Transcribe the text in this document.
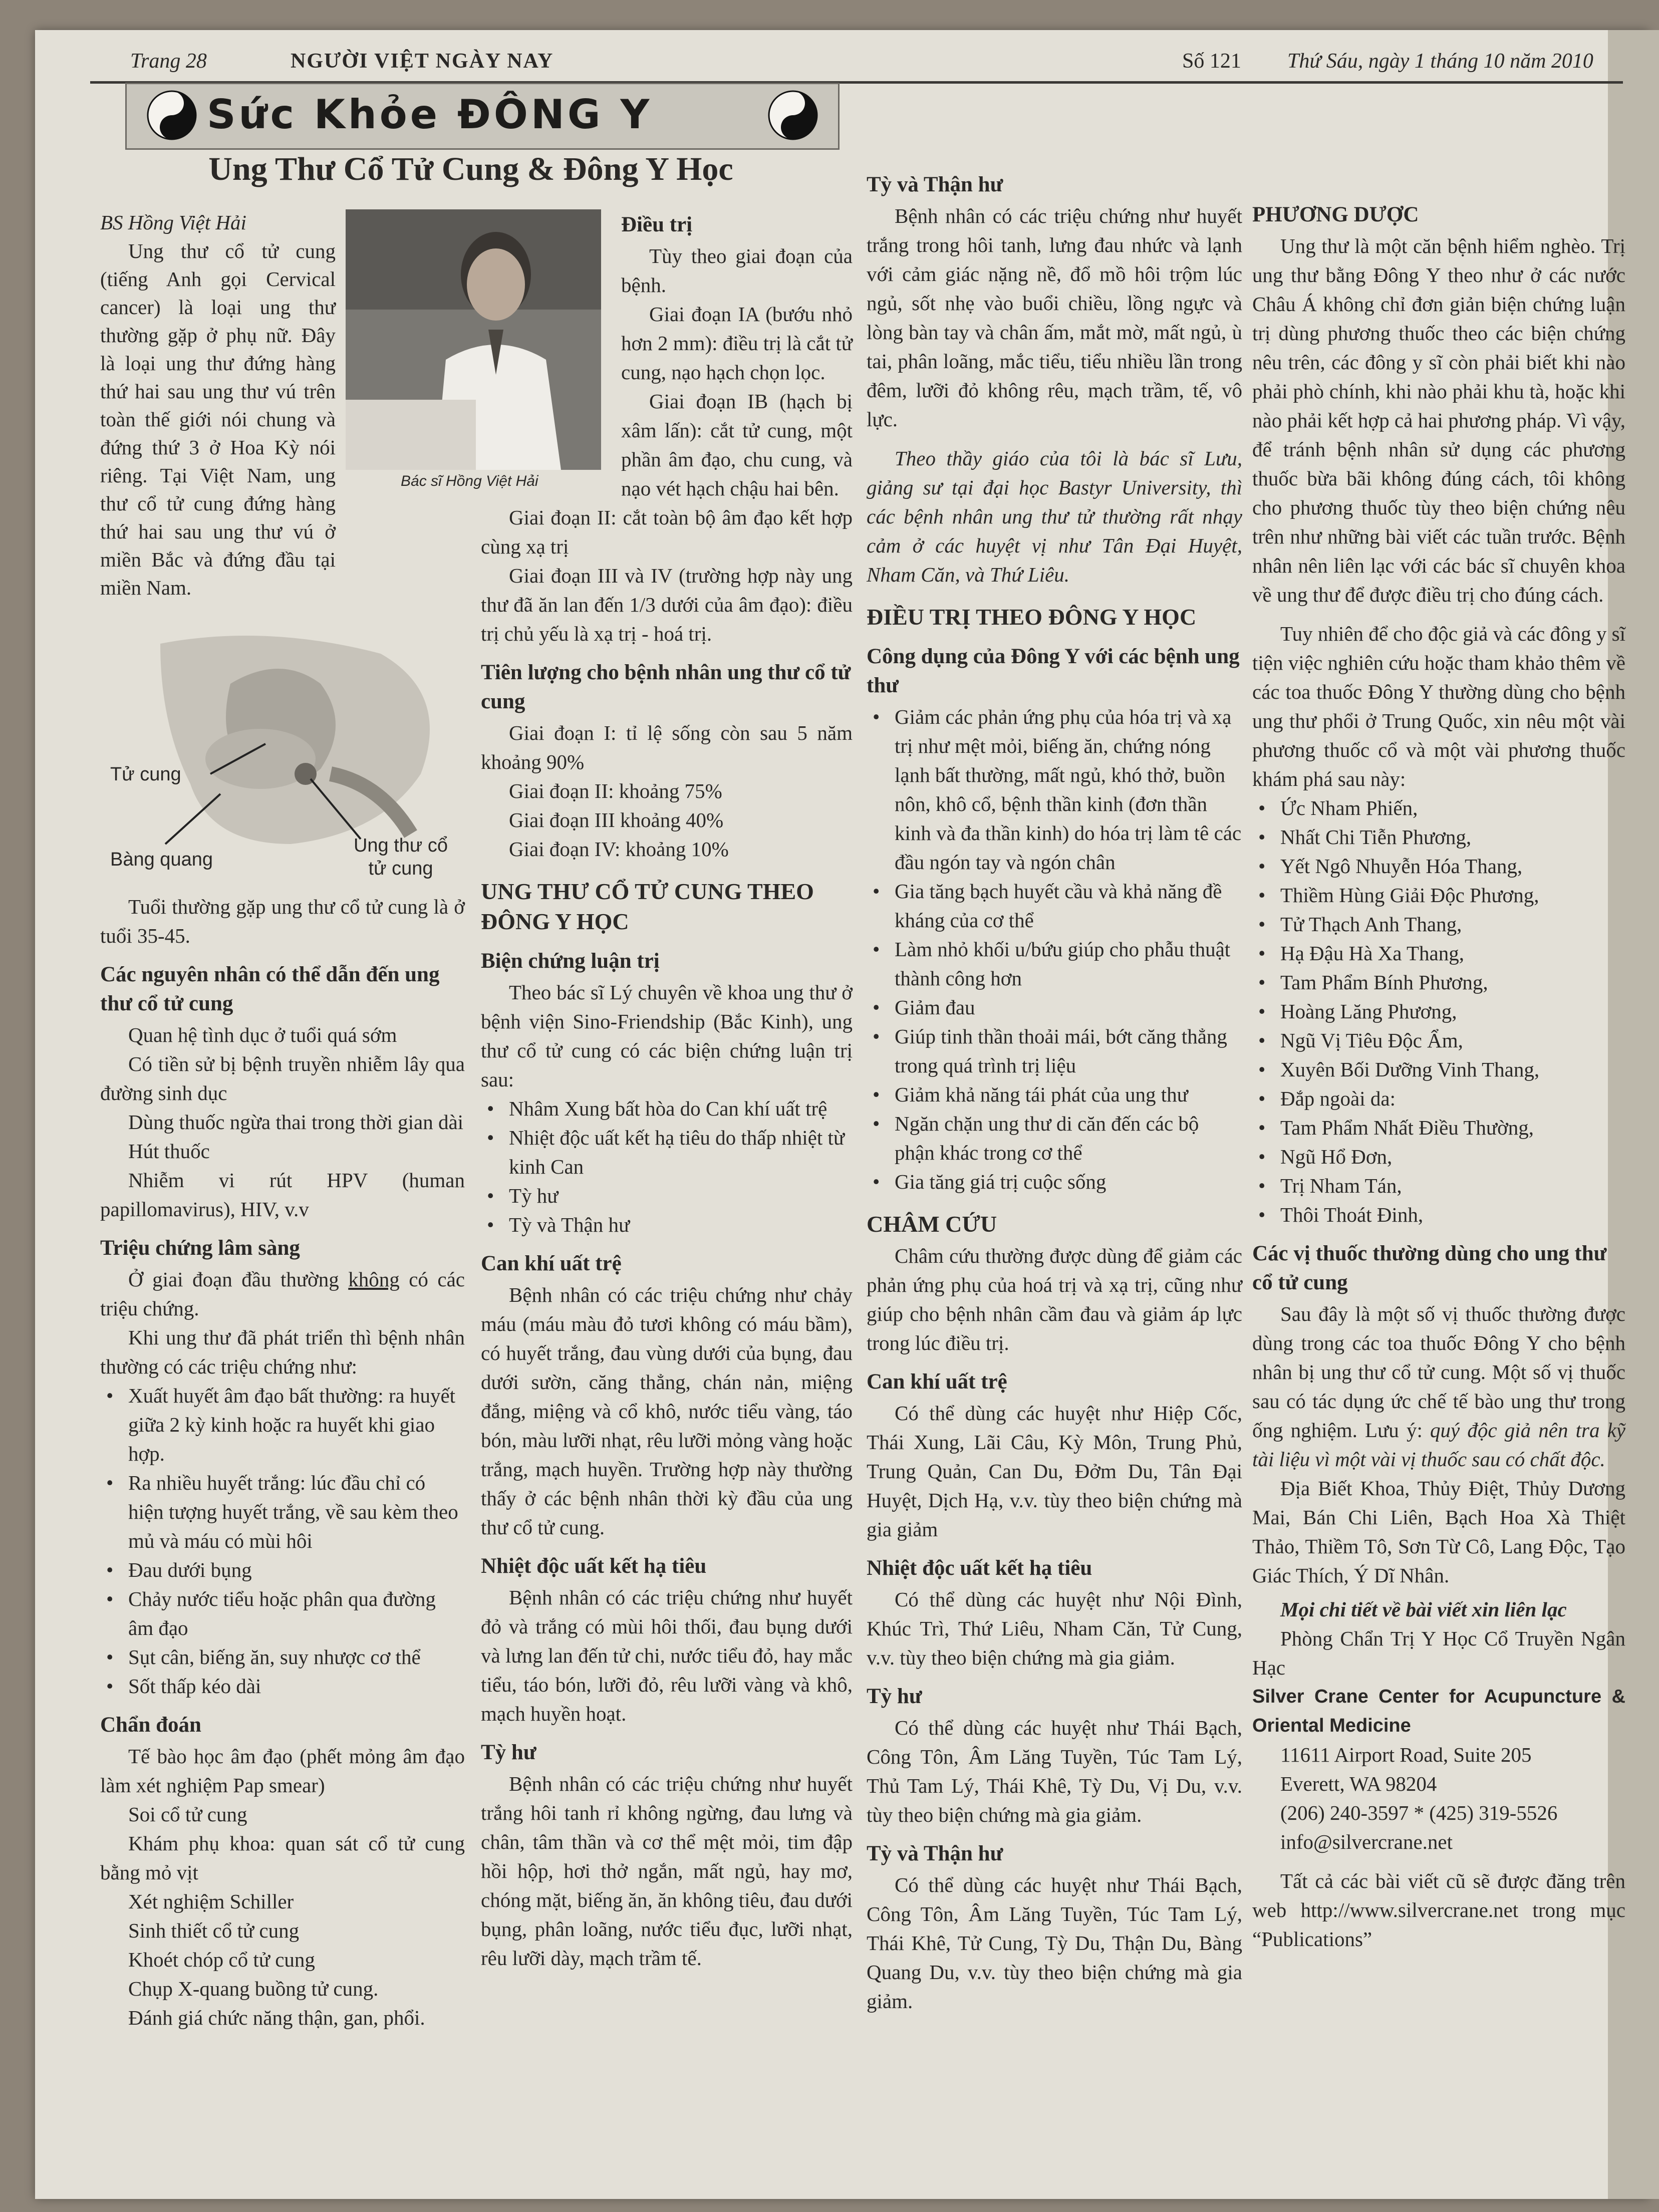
Trang 28	NGƯỜI VIỆT NGÀY NAY	Số 121 Thứ Sáu, ngày 1 tháng 10 năm 2010
Sức Khỏe ĐÔNG Y
Ung Thư Cổ Tử Cung & Đông Y Học
Bác sĩ Hồng Việt Hải
Tử cung
Bàng quang
Ung thư cổ tử cung

BS Hồng Việt Hải

Ung thư cổ tử cung (tiếng Anh gọi Cervical cancer) là loại ung thư thường gặp ở phụ nữ. Đây là loại ung thư đứng hàng thứ hai sau ung thư vú trên toàn thế giới nói chung và đứng thứ 3 ở Hoa Kỳ nói riêng. Tại Việt Nam, ung thư cổ tử cung đứng hàng thứ hai sau ung thư vú ở miền Bắc và đứng đầu tại miền Nam.

Tuổi thường gặp ung thư cổ tử cung là ở tuổi 35-45.

Các nguyên nhân có thể dẫn đến ung thư cổ tử cung

Quan hệ tình dục ở tuổi quá sớm

Có tiền sử bị bệnh truyền nhiễm lây qua đường sinh dục

Dùng thuốc ngừa thai trong thời gian dài

Hút thuốc

Nhiễm vi rút HPV (human papillomavirus), HIV, v.v

Triệu chứng lâm sàng

Ở giai đoạn đầu thường không có các triệu chứng.

Khi ung thư đã phát triển thì bệnh nhân thường có các triệu chứng như:

• Xuất huyết âm đạo bất thường: ra huyết giữa 2 kỳ kinh hoặc ra huyết khi giao hợp.
• Ra nhiều huyết trắng: lúc đầu chỉ có hiện tượng huyết trắng, về sau kèm theo mủ và máu có mùi hôi
• Đau dưới bụng
• Chảy nước tiểu hoặc phân qua đường âm đạo
• Sụt cân, biếng ăn, suy nhược cơ thể
• Sốt thấp kéo dài
Chẩn đoán

Tế bào học âm đạo (phết mỏng âm đạo làm xét nghiệm Pap smear)

Soi cổ tử cung

Khám phụ khoa: quan sát cổ tử cung bằng mỏ vịt

Xét nghiệm Schiller

Sinh thiết cổ tử cung

Khoét chóp cổ tử cung

Chụp X-quang buồng tử cung.

Đánh giá chức năng thận, gan, phổi.

Điều trị

Tùy theo giai đoạn của bệnh.

Giai đoạn IA (bướu nhỏ hơn 2 mm): điều trị là cắt tử cung, nạo hạch chọn lọc.

Giai đoạn IB (hạch bị xâm lấn): cắt tử cung, một phần âm đạo, chu cung, và nạo vét hạch chậu hai bên.

Giai đoạn II: cắt toàn bộ âm đạo kết hợp cùng xạ trị

Giai đoạn III và IV (trường hợp này ung thư đã ăn lan đến 1/3 dưới của âm đạo): điều trị chủ yếu là xạ trị - hoá trị.

Tiên lượng cho bệnh nhân ung thư cổ tử cung

Giai đoạn I: tỉ lệ sống còn sau 5 năm khoảng 90%

Giai đoạn II: khoảng 75%

Giai đoạn III khoảng 40%

Giai đoạn IV: khoảng 10%

UNG THƯ CỔ TỬ CUNG THEO ĐÔNG Y HỌC
Biện chứng luận trị

Theo bác sĩ Lý chuyên về khoa ung thư ở bệnh viện Sino-Friendship (Bắc Kinh), ung thư cổ tử cung có các biện chứng luận trị sau:

• Nhâm Xung bất hòa do Can khí uất trệ
• Nhiệt độc uất kết hạ tiêu do thấp nhiệt từ kinh Can
• Tỳ hư
• Tỳ và Thận hư
Can khí uất trệ

Bệnh nhân có các triệu chứng như chảy máu (máu màu đỏ tươi không có máu bầm), có huyết trắng, đau vùng dưới của bụng, đau dưới sườn, căng thẳng, chán nản, miệng đắng, miệng và cổ khô, nước tiểu vàng, táo bón, màu lưỡi nhạt, rêu lưỡi mỏng vàng hoặc trắng, mạch huyền. Trường hợp này thường thấy ở các bệnh nhân thời kỳ đầu của ung thư cổ tử cung.

Nhiệt độc uất kết hạ tiêu

Bệnh nhân có các triệu chứng như huyết đỏ và trắng có mùi hôi thối, đau bụng dưới và lưng lan đến tử chi, nước tiểu đỏ, hay mắc tiểu, táo bón, lưỡi đỏ, rêu lưỡi vàng và khô, mạch huyền hoạt.

Tỳ hư

Bệnh nhân có các triệu chứng như huyết trắng hôi tanh rỉ không ngừng, đau lưng và chân, tâm thần và cơ thể mệt mỏi, tim đập hồi hộp, hơi thở ngắn, mất ngủ, hay mơ, chóng mặt, biếng ăn, ăn không tiêu, đau dưới bụng, phân loãng, nước tiểu đục, lưỡi nhạt, rêu lưỡi dày, mạch trầm tế.

Tỳ và Thận hư

Bệnh nhân có các triệu chứng như huyết trắng trong hôi tanh, lưng đau nhức và lạnh với cảm giác nặng nề, đổ mồ hôi trộm lúc ngủ, sốt nhẹ vào buổi chiều, lồng ngực và lòng bàn tay và chân ấm, mắt mờ, mất ngủ, ù tai, phân loãng, mắc tiểu, tiểu nhiều lần trong đêm, lưỡi đỏ không rêu, mạch trầm, tế, vô lực.

Theo thầy giáo của tôi là bác sĩ Lưu, giảng sư tại đại học Bastyr University, thì các bệnh nhân ung thư tử thường rất nhạy cảm ở các huyệt vị như Tân Đại Huyệt, Nham Căn, và Thứ Liêu.

ĐIỀU TRỊ THEO ĐÔNG Y HỌC
Công dụng của Đông Y với các bệnh ung thư
• Giảm các phản ứng phụ của hóa trị và xạ trị như mệt mỏi, biếng ăn, chứng nóng lạnh bất thường, mất ngủ, khó thở, buồn nôn, khô cổ, bệnh thần kinh (đơn thần kinh và đa thần kinh) do hóa trị làm tê các đầu ngón tay và ngón chân
• Gia tăng bạch huyết cầu và khả năng đề kháng của cơ thể
• Làm nhỏ khối u/bứu giúp cho phẫu thuật thành công hơn
• Giảm đau
• Giúp tinh thần thoải mái, bớt căng thẳng trong quá trình trị liệu
• Giảm khả năng tái phát của ung thư
• Ngăn chặn ung thư di căn đến các bộ phận khác trong cơ thể
• Gia tăng giá trị cuộc sống
CHÂM CỨU

Châm cứu thường được dùng để giảm các phản ứng phụ của hoá trị và xạ trị, cũng như giúp cho bệnh nhân cầm đau và giảm áp lực trong lúc điều trị.

Can khí uất trệ

Có thể dùng các huyệt như Hiệp Cốc, Thái Xung, Lãi Câu, Kỳ Môn, Trung Phủ, Trung Quản, Can Du, Đởm Du, Tân Đại Huyệt, Dịch Hạ, v.v. tùy theo biện chứng mà gia giảm

Nhiệt độc uất kết hạ tiêu

Có thể dùng các huyệt như Nội Đình, Khúc Trì, Thứ Liêu, Nham Căn, Tử Cung, v.v. tùy theo biện chứng mà gia giảm.

Tỳ hư

Có thể dùng các huyệt như Thái Bạch, Công Tôn, Âm Lăng Tuyền, Túc Tam Lý, Thủ Tam Lý, Thái Khê, Tỳ Du, Vị Du, v.v. tùy theo biện chứng mà gia giảm.

Tỳ và Thận hư

Có thể dùng các huyệt như Thái Bạch, Công Tôn, Âm Lăng Tuyền, Túc Tam Lý, Thái Khê, Tử Cung, Tỳ Du, Thận Du, Bàng Quang Du, v.v. tùy theo biện chứng mà gia giảm.

PHƯƠNG DƯỢC

Ung thư là một căn bệnh hiểm nghèo. Trị ung thư bằng Đông Y theo như ở các nước Châu Á không chỉ đơn giản biện chứng luận trị dùng phương thuốc theo các biện chứng nêu trên, các đông y sĩ còn phải biết khi nào phải phò chính, khi nào phải khu tà, hoặc khi nào phải kết hợp cả hai phương pháp. Vì vậy, để tránh bệnh nhân sử dụng các phương thuốc bừa bãi không đúng cách, tôi không cho phương thuốc tùy theo biện chứng nêu trên như những bài viết các tuần trước. Bệnh nhân nên liên lạc với các bác sĩ chuyên khoa về ung thư để được điều trị cho đúng cách.

Tuy nhiên để cho độc giả và các đông y sĩ tiện việc nghiên cứu hoặc tham khảo thêm về các toa thuốc Đông Y thường dùng cho bệnh ung thư phổi ở Trung Quốc, xin nêu một vài phương thuốc cổ và một vài phương thuốc khám phá sau này:

• Ức Nham Phiến,
• Nhất Chi Tiễn Phương,
• Yết Ngô Nhuyễn Hóa Thang,
• Thiềm Hùng Giải Độc Phương,
• Tử Thạch Anh Thang,
• Hạ Đậu Hà Xa Thang,
• Tam Phẩm Bính Phương,
• Hoàng Lăng Phương,
• Ngũ Vị Tiêu Độc Ẩm,
• Xuyên Bối Dưỡng Vinh Thang,
• Đắp ngoài da:
• Tam Phẩm Nhất Điều Thường,
• Ngũ Hổ Đơn,
• Trị Nham Tán,
• Thôi Thoát Đinh,
Các vị thuốc thường dùng cho ung thư cổ tử cung

Sau đây là một số vị thuốc thường được dùng trong các toa thuốc Đông Y cho bệnh nhân bị ung thư cổ tử cung. Một số vị thuốc sau có tác dụng ức chế tế bào ung thư trong ống nghiệm. Lưu ý: quý độc giả nên tra kỹ tài liệu vì một vài vị thuốc sau có chất độc.

Địa Biết Khoa, Thủy Điệt, Thủy Dương Mai, Bán Chi Liên, Bạch Hoa Xà Thiệt Thảo, Thiềm Tô, Sơn Từ Cô, Lang Độc, Tạo Giác Thích, Ý Dĩ Nhân.

Mọi chi tiết về bài viết xin liên lạc

Phòng Chẩn Trị Y Học Cổ Truyền Ngân Hạc

Silver Crane Center for Acupuncture & Oriental Medicine

11611 Airport Road, Suite 205

Everett, WA 98204

(206) 240-3597 * (425) 319-5526

info@silvercrane.net

Tất cả các bài viết cũ sẽ được đăng trên web http://www.silvercrane.net trong mục “Publications”
